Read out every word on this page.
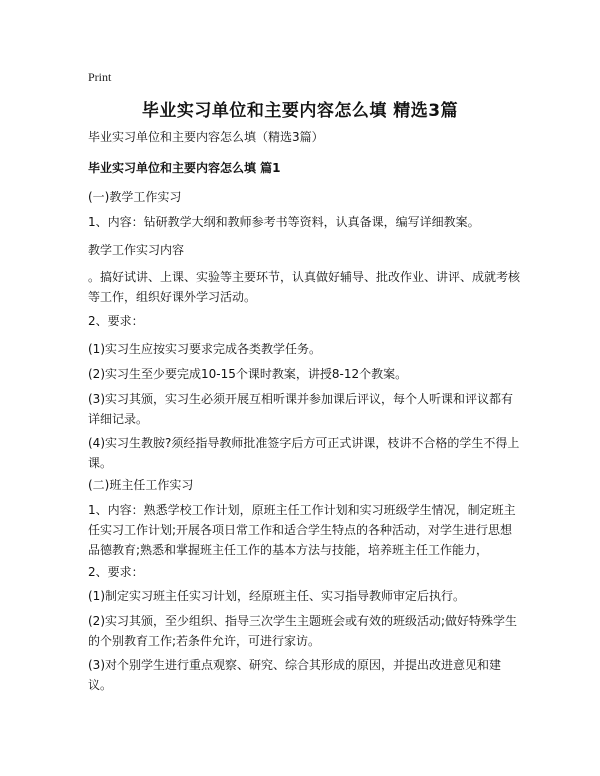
Print
毕业实习单位和主要内容怎么填 精选3篇
毕业实习单位和主要内容怎么填（精选3篇）
毕业实习单位和主要内容怎么填 篇1
(一)教学工作实习
1、内容：钻研教学大纲和教师参考书等资料，认真备课，编写详细教案。
教学工作实习内容
。搞好试讲、上课、实验等主要环节，认真做好辅导、批改作业、讲评、成就考核等工作，组织好课外学习活动。
2、要求：
(1)实习生应按实习要求完成各类教学任务。
(2)实习生至少要完成10-15个课时教案，讲授8-12个教案。
(3)实习其颁，实习生必须开展互相听课并参加课后评议，每个人听课和评议都有详细记录。
(4)实习生教胺?须经指导教师批准签字后方可正式讲课，枝讲不合格的学生不得上课。
(二)班主任工作实习
1、内容：熟悉学校工作计划，原班主任工作计划和实习班级学生情况，制定班主任实习工作计划;开展各项日常工作和适合学生特点的各种活动，对学生进行思想品德教育;熟悉和掌握班主任工作的基本方法与技能，培养班主任工作能力，
2、要求：
(1)制定实习班主任实习计划，经原班主任、实习指导教师审定后执行。
(2)实习其颁，至少组织、指导三次学生主题班会或有效的班级活动;做好特殊学生的个别教育工作;若条件允许，可进行家访。
(3)对个别学生进行重点观察、研究、综合其形成的原因，并提出改进意见和建议。
